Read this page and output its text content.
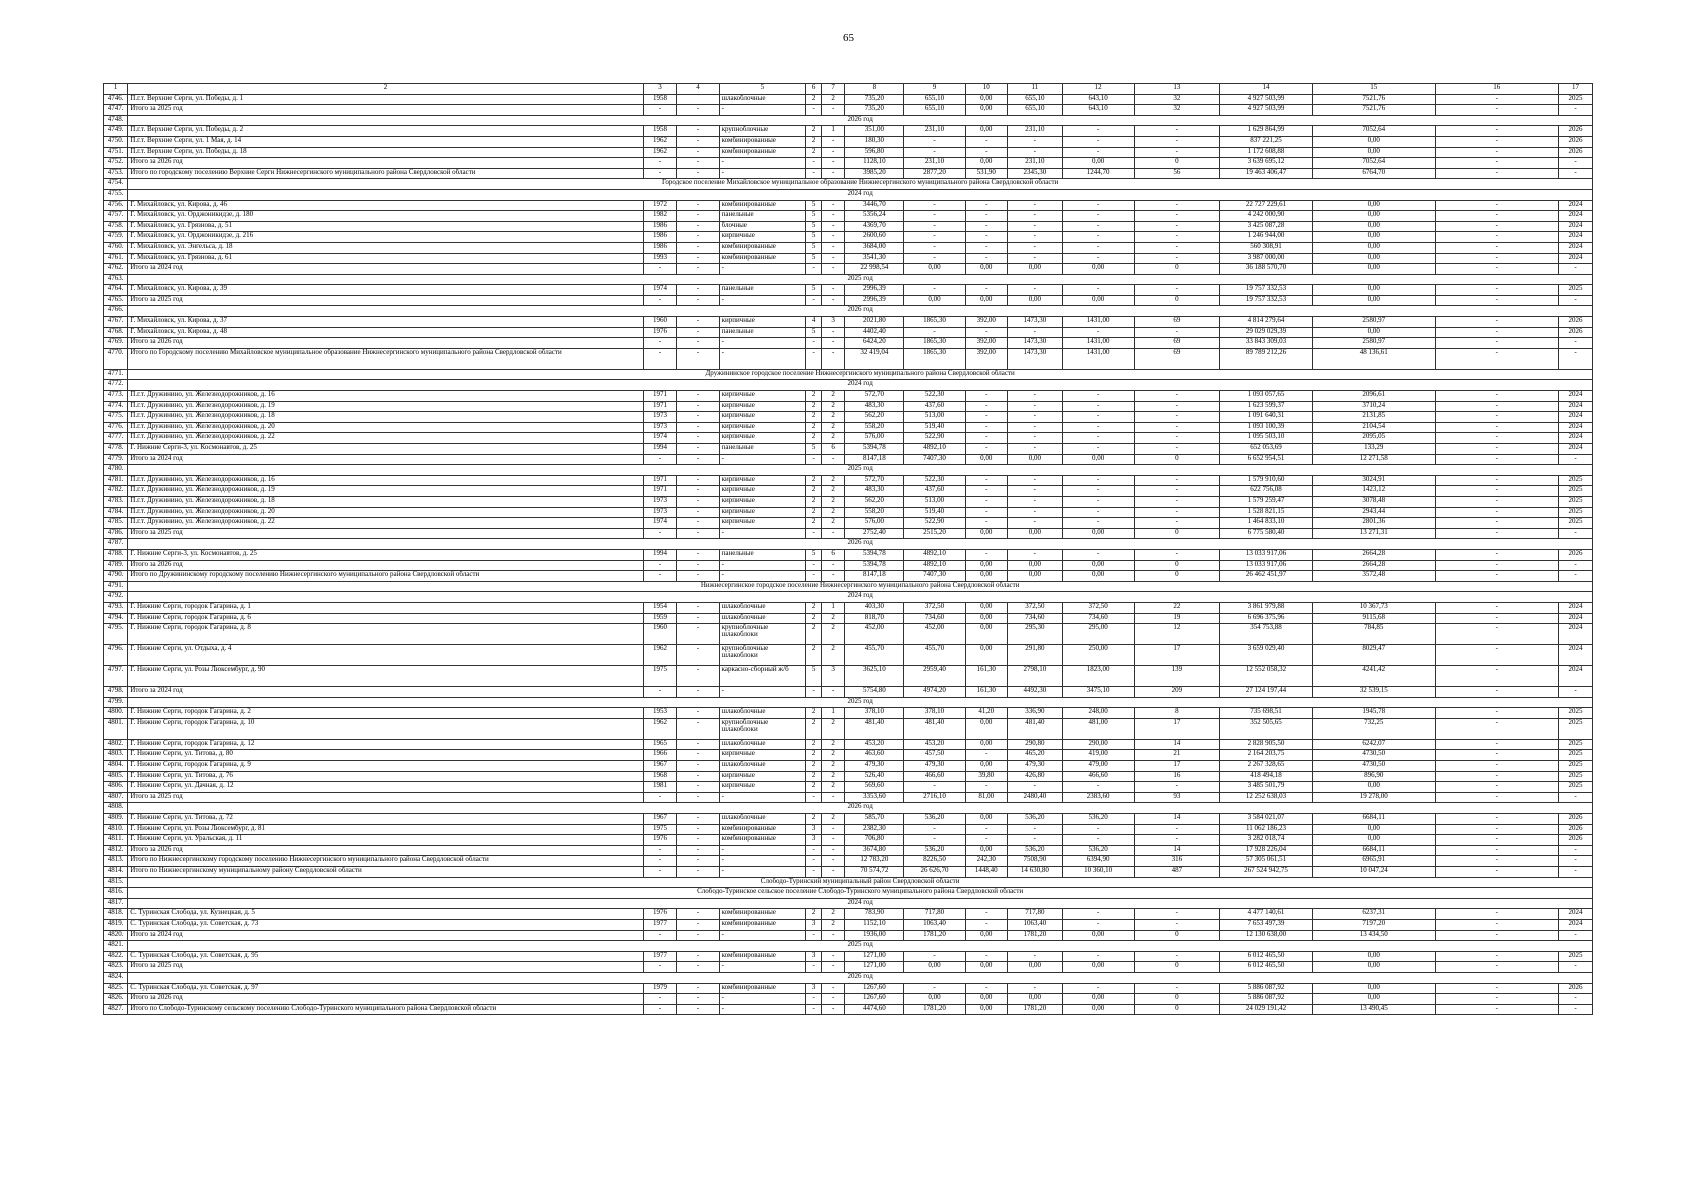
65
1	2	3	4	5	6	7	8	9	10	11	12	13	14	15	16	17
4746.	П.г.т. Верхние Серги, ул. Победы, д. 1	1958		шлакоблочные	2	2	735,20	655,10	0,00	655,10	643,10	32	4 927 503,99	7521,76	-	2025
4747.	Итого за 2025 год	-	-	-	-	-	735,20	655,10	0,00	655,10	643,10	32	4 927 503,99	7521,76	-	-
4748.	2026 год															
4749.	П.г.т. Верхние Серги, ул. Победы, д. 2	1958	-	крупноблочные	2	1	351,00	231,10	0,00	231,10	-	-	1 629 864,99	7052,64	-	2026
4750.	П.г.т. Верхние Серги, ул. 1 Мая, д. 14	1962	-	комбинированные	2	-	180,30	-	-	-	-	-	837 221,25	0,00	-	2026
4751.	П.г.т. Верхние Серги, ул. Победы, д. 18	1962	-	комбинированные	2	-	596,80	-	-	-	-	-	1 172 608,88	0,00	-	2026
4752.	Итого за 2026 год	-	-	-	-	-	1128,10	231,10	0,00	231,10	0,00	0	3 639 695,12	7052,64	-	-
4753.	Итого по городскому поселению Верхние Серги Нижнесергинского муниципального района Свердловской области	-	-	-	-	-	3985,20	2877,20	531,90	2345,30	1244,70	56	19 463 406,47	6764,70	-	-
4754.	Городское поселение Михайловское муниципальное образование Нижнесергинского муниципального района Свердловской области															
4755.	2024 год															
4756.	Г. Михайловск, ул. Кирова, д. 46	1972	-	комбинированные	5	-	3446,70	-	-	-	-	-	22 727 229,61	0,00	-	2024
4757.	Г. Михайловск, ул. Орджоникидзе, д. 180	1982	-	панельные	5	-	5356,24	-	-	-	-	-	4 242 000,90	0,00	-	2024
4758.	Г. Михайловск, ул. Грязнова, д. 51	1986	-	блочные	5	-	4369,70	-	-	-	-	-	3 425 087,28	0,00	-	2024
4759.	Г. Михайловск, ул. Орджоникидзе, д. 216	1986	-	кирпичные	5	-	2600,60	-	-	-	-	-	1 246 944,00	0,00	-	2024
4760.	Г. Михайловск, ул. Энгельса, д. 18	1986	-	комбинированные	5	-	3684,00	-	-	-	-	-	560 308,91	0,00	-	2024
4761.	Г. Михайловск, ул. Грязнова, д. 61	1993	-	комбинированные	5	-	3541,30	-	-	-	-	-	3 987 000,00	0,00	-	2024
4762.	Итого за 2024 год	-	-	-	-	-	22 998,54	0,00	0,00	0,00	0,00	0	36 188 570,70	0,00	-	-
4763.	2025 год															
4764.	Г. Михайловск, ул. Кирова, д. 39	1974	-	панельные	5	-	2996,39	-	-	-	-	-	19 757 332,53	0,00	-	2025
4765.	Итого за 2025 год	-	-	-	-	-	2996,39	0,00	0,00	0,00	0,00	0	19 757 332,53	0,00	-	-
4766.	2026 год															
4767.	Г. Михайловск, ул. Кирова, д. 37	1960	-	кирпичные	4	3	2021,80	1865,30	392,00	1473,30	1431,00	69	4 814 279,64	2580,97	-	2026
4768.	Г. Михайловск, ул. Кирова, д. 48	1976	-	панельные	5	-	4402,40	-	-	-	-	-	29 029 029,39	0,00	-	2026
4769.	Итого за 2026 год	-	-	-	-	-	6424,20	1865,30	392,00	1473,30	1431,00	69	33 843 309,03	2580,97	-	-
4770.	Итого по Городскому поселению Михайловское муниципальное образование Нижнесергинского муниципального района Свердловской области	-	-	-	-	-	32 419,04	1865,30	392,00	1473,30	1431,00	69	89 789 212,26	48 136,61	-	-
4771.	Дружининское городское поселение Нижнесергинского муниципального района Свердловской области															
4772.	2024 год															
4773.	П.г.т. Дружинино, ул. Железнодорожников, д. 16	1971	-	кирпичные	2	2	572,70	522,30	-	-	-	-	1 093 057,65	2096,61	-	2024
4774.	П.г.т. Дружинино, ул. Железнодорожников, д. 19	1971	-	кирпичные	2	2	483,30	437,60	-	-	-	-	1 623 599,37	3710,24	-	2024
4775.	П.г.т. Дружинино, ул. Железнодорожников, д. 18	1973	-	кирпичные	2	2	562,20	513,00	-	-	-	-	1 091 640,31	2131,85	-	2024
4776.	П.г.т. Дружинино, ул. Железнодорожников, д. 20	1973	-	кирпичные	2	2	558,20	519,40	-	-	-	-	1 093 100,39	2104,54	-	2024
4777.	П.г.т. Дружинино, ул. Железнодорожников, д. 22	1974	-	кирпичные	2	2	576,00	522,90	-	-	-	-	1 095 503,10	2095,05	-	2024
4778.	Г. Нижние Серги-3, ул. Космонавтов, д. 25	1994	-	панельные	5	6	5394,78	4892,10	-	-	-	-	652 053,69	133,29	-	2024
4779.	Итого за 2024 год	-	-	-	-	-	8147,18	7407,30	0,00	0,00	0,00	0	6 652 954,51	12 271,58	-	-
4780.	2025 год															
4781.	П.г.т. Дружинино, ул. Железнодорожников, д. 16	1971	-	кирпичные	2	2	572,70	522,30	-	-	-	-	1 579 910,60	3024,91	-	2025
4782.	П.г.т. Дружинино, ул. Железнодорожников, д. 19	1971	-	кирпичные	2	2	483,30	437,60	-	-	-	-	622 756,08	1423,12	-	2025
4783.	П.г.т. Дружинино, ул. Железнодорожников, д. 18	1973	-	кирпичные	2	2	562,20	513,00	-	-	-	-	1 579 259,47	3078,48	-	2025
4784.	П.г.т. Дружинино, ул. Железнодорожников, д. 20	1973	-	кирпичные	2	2	558,20	519,40	-	-	-	-	1 528 821,15	2943,44	-	2025
4785.	П.г.т. Дружинино, ул. Железнодорожников, д. 22	1974	-	кирпичные	2	2	576,00	522,90	-	-	-	-	1 464 833,10	2801,36	-	2025
4786.	Итого за 2025 год	-	-	-	-	-	2752,40	2515,20	0,00	0,00	0,00	0	6 775 580,40	13 271,31	-	-
4787.	2026 год															
4788.	Г. Нижние Серги-3, ул. Космонавтов, д. 25	1994	-	панельные	5	6	5394,78	4892,10	-	-	-	-	13 033 917,06	2664,28	-	2026
4789.	Итого за 2026 год	-	-	-	-	-	5394,78	4892,10	0,00	0,00	0,00	0	13 033 917,06	2664,28	-	-
4790.	Итого по Дружининскому городскому поселению Нижнесергинского муниципального района Свердловской области	-	-	-	-	-	8147,18	7407,30	0,00	0,00	0,00	0	26 462 451,97	3572,48	-	-
4791.	Нижнесергинское городское поселение Нижнесергинского муниципального района Свердловской области															
4792.	2024 год															
4793.	Г. Нижние Серги, городок Гагарина, д. 1	1954	-	шлакоблочные	2	1	403,30	372,50	0,00	372,50	372,50	22	3 861 979,88	10 367,73	-	2024
4794.	Г. Нижние Серги, городок Гагарина, д. 6	1959	-	шлакоблочные	2	2	818,70	734,60	0,00	734,60	734,60	19	6 696 375,96	9115,68	-	2024
4795.	Г. Нижние Серги, городок Гагарина, д. 8	1960	-	крупноблочные шлакоблоки	2	2	452,00	452,00	0,00	295,30	295,00	12	354 753,88	784,85	-	2024
4796.	Г. Нижние Серги, ул. Отдыха, д. 4	1962	-	крупноблочные шлакоблоки	2	2	455,70	455,70	0,00	291,80	250,00	17	3 659 029,40	8029,47	-	2024
4797.	Г. Нижние Серги, ул. Розы Люксембург, д. 90	1975	-	каркасно-сборный ж/б	5	3	3625,10	2959,40	161,30	2798,10	1823,00	139	12 552 058,32	4241,42	-	2024
4798.	Итого за 2024 год	-	-	-	-	-	5754,80	4974,20	161,30	4492,30	3475,10	209	27 124 197,44	32 539,15	-	-
4799.	2025 год															
4800.	Г. Нижние Серги, городок Гагарина, д. 2	1953	-	шлакоблочные	2	1	378,10	378,10	41,20	336,90	248,00	8	735 698,51	1945,78	-	2025
4801.	Г. Нижние Серги, городок Гагарина, д. 10	1962	-	крупноблочные шлакоблоки	2	2	481,40	481,40	0,00	481,40	481,00	17	352 505,65	732,25	-	2025
4802.	Г. Нижние Серги, городок Гагарина, д. 12	1965	-	шлакоблочные	2	2	453,20	453,20	0,00	290,80	290,00	14	2 828 905,50	6242,07	-	2025
4803.	Г. Нижние Серги, ул. Титова, д. 80	1966	-	кирпичные	2	2	463,60	457,50	-	465,20	419,00	21	2 164 203,75	4730,50	-	2025
4804.	Г. Нижние Серги, городок Гагарина, д. 9	1967	-	шлакоблочные	2	2	479,30	479,30	0,00	479,30	479,00	17	2 267 328,65	4730,50	-	2025
4805.	Г. Нижние Серги, ул. Титова, д. 76	1968	-	кирпичные	2	2	526,40	466,60	39,80	426,80	466,60	16	418 494,18	896,90	-	2025
4806.	Г. Нижние Серги, ул. Дачная, д. 12	1981	-	кирпичные	2	2	569,60	-	-	-	-	-	3 485 501,79	0,00	-	2025
4807.	Итого за 2025 год	-	-	-	-	-	3353,60	2716,10	81,00	2480,40	2383,60	93	12 252 638,03	19 278,00	-	-
4808.	2026 год															
4809.	Г. Нижние Серги, ул. Титова, д. 72	1967	-	шлакоблочные	2	2	585,70	536,20	0,00	536,20	536,20	14	3 584 021,07	6684,11	-	2026
4810.	Г. Нижние Серги, ул. Розы Люксембург, д. 81	1975	-	комбинированные	3	-	2382,30	-	-	-	-	-	11 062 186,23	0,00	-	2026
4811.	Г. Нижние Серги, ул. Уральская, д. 11	1976	-	комбинированные	3	-	706,80	-	-	-	-	-	3 282 018,74	0,00	-	2026
4812.	Итого за 2026 год	-	-	-	-	-	3674,80	536,20	0,00	536,20	536,20	14	17 928 226,04	6684,11	-	-
4813.	Итого по Нижнесергинскому городскому поселению Нижнесергинского муниципального района Свердловской области	-	-	-	-	-	12 783,20	8226,50	242,30	7508,90	6394,90	316	57 305 061,51	6965,91	-	-
4814.	Итого по Нижнесергинскому муниципальному району Свердловской области	-	-	-	-	-	70 574,72	26 626,70	1448,40	14 630,80	10 360,10	487	267 524 942,75	10 047,24	-	-
4815.	Слободо-Туринский муниципальный район Свердловской области															
4816.	Слободо-Туринское сельское поселение Слободо-Туринского муниципального района Свердловской области															
4817.	2024 год															
4818.	С. Туринская Слобода, ул. Кузнецкая, д. 5	1976	-	комбинированные	2	2	783,90	717,80	-	717,80	-	-	4 477 140,61	6237,31	-	2024
4819.	С. Туринская Слобода, ул. Советская, д. 73	1977	-	комбинированные	3	2	1152,10	1063,40	-	1063,40	-	-	7 653 497,39	7197,20	-	2024
4820.	Итого за 2024 год	-	-	-	-	-	1936,00	1781,20	0,00	1781,20	0,00	0	12 130 638,00	13 434,50	-	-
4821.	2025 год															
4822.	С. Туринская Слобода, ул. Советская, д. 95	1977	-	комбинированные	3	-	1271,00	-	-	-	-	-	6 012 465,50	0,00	-	2025
4823.	Итого за 2025 год	-	-	-	-	-	1271,00	0,00	0,00	0,00	0,00	0	6 012 465,50	0,00	-	-
4824.	2026 год															
4825.	С. Туринская Слобода, ул. Советская, д. 97	1979	-	комбинированные	3	-	1267,60	-	-	-	-	-	5 886 087,92	0,00	-	2026
4826.	Итого за 2026 год	-	-	-	-	-	1267,60	0,00	0,00	0,00	0,00	0	5 886 087,92	0,00	-	-
4827.	Итого по Слободо-Туринскому сельскому поселению Слободо-Туринского муниципального района Свердловской области	-	-	-	-	-	4474,60	1781,20	0,00	1781,20	0,00	0	24 029 191,42	13 490,45	-	-
